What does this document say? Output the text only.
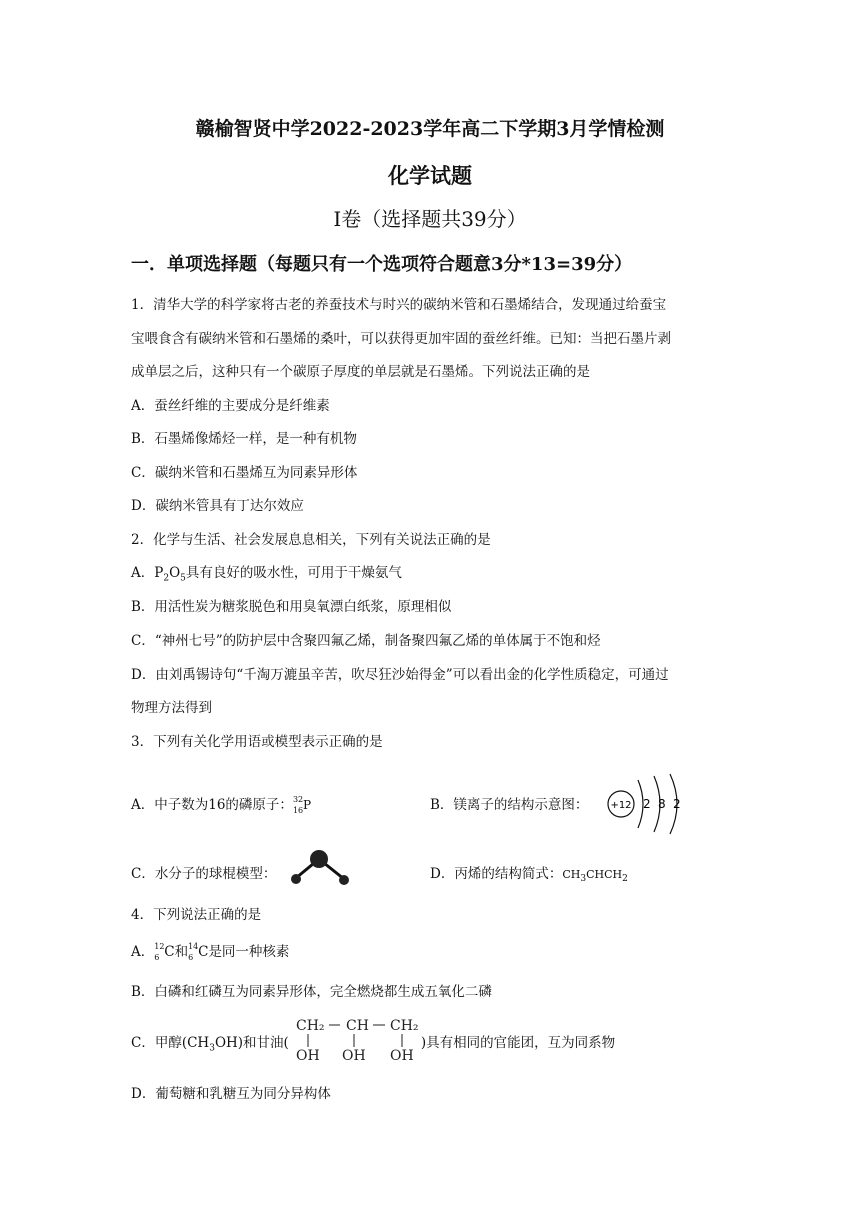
赣榆智贤中学2022-2023学年高二下学期3月学情检测
化学试题
Ⅰ卷（选择题共39分）
一．单项选择题（每题只有一个选项符合题意3分*13=39分）
1．清华大学的科学家将古老的养蚕技术与时兴的碳纳米管和石墨烯结合，发现通过给蚕宝
宝喂食含有碳纳米管和石墨烯的桑叶，可以获得更加牢固的蚕丝纤维。已知：当把石墨片剥
成单层之后，这种只有一个碳原子厚度的单层就是石墨烯。下列说法正确的是
A．蚕丝纤维的主要成分是纤维素
B．石墨烯像烯烃一样，是一种有机物
C．碳纳米管和石墨烯互为同素异形体
D．碳纳米管具有丁达尔效应
2．化学与生活、社会发展息息相关，下列有关说法正确的是
A．$P_2O_5$具有良好的吸水性，可用于干燥氨气
B．用活性炭为糖浆脱色和用臭氧漂白纸浆，原理相似
C．“神州七号”的防护层中含聚四氟乙烯，制备聚四氟乙烯的单体属于不饱和烃
D．由刘禹锡诗句“千淘万漉虽辛苦，吹尽狂沙始得金”可以看出金的化学性质稳定，可通过
物理方法得到
3．下列有关化学用语或模型表示正确的是
A．中子数为16的磷原子： 32
16 P	B．镁离子的结构示意图： +12 2 8 2
C．水分子的球棍模型：	D．丙烯的结构简式：$CH_3CHCH_2$
4．下列说法正确的是
A． 12
6 C和 14
6 C是同一种核素
B．白磷和红磷互为同素异形体，完全燃烧都生成五氧化二磷
C．甲醇$(CH_3OH)$和甘油(	)具有相同的官能团，互为同系物
CH₂ CH CH₂
OH OH OH
D．葡萄糖和乳糖互为同分异构体
